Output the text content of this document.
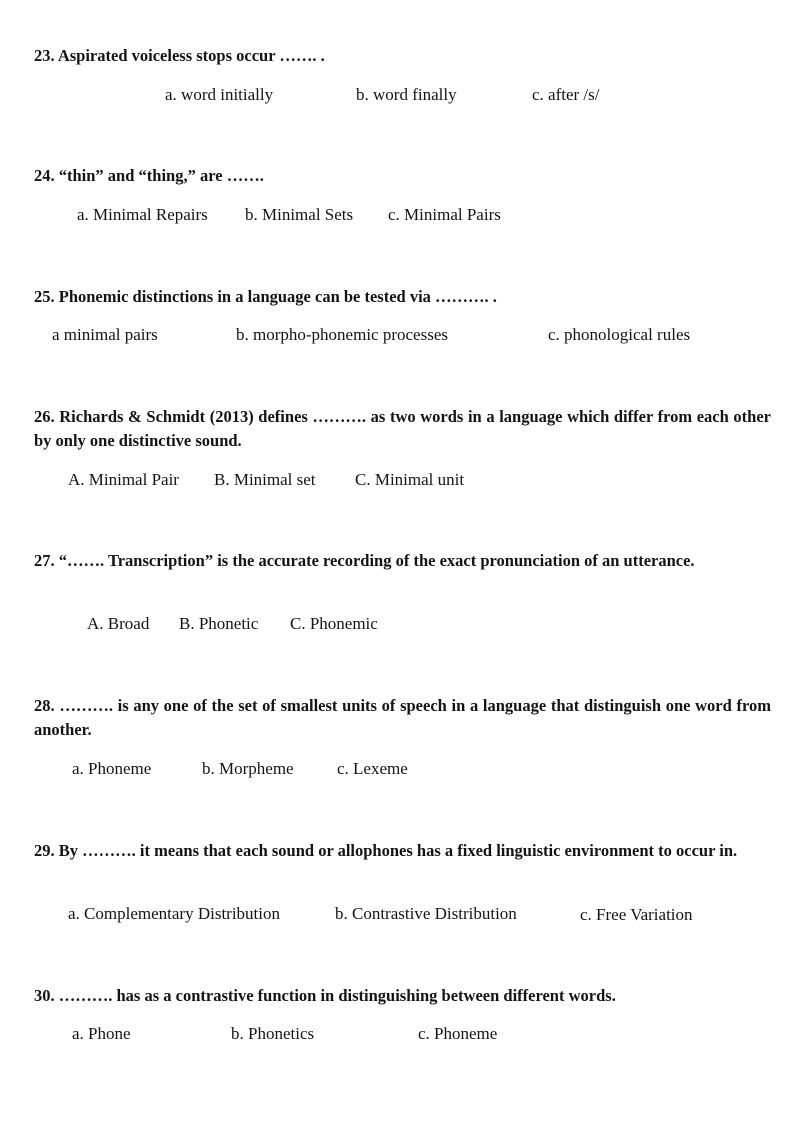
23. Aspirated voiceless stops occur ……. .
a. word initially	b. word finally	c. after /s/
24. “thin” and “thing,” are …….
a. Minimal Repairs b. Minimal Sets c. Minimal Pairs
25. Phonemic distinctions in a language can be tested via ………. .
a minimal pairs	b. morpho-phonemic processes	c. phonological rules
26. Richards & Schmidt (2013) defines ………. as two words in a language which differ from each other by only one distinctive sound.
A. Minimal Pair B. Minimal set C. Minimal unit
27. “……. Transcription” is the accurate recording of the exact pronunciation of an utterance.
A. Broad B. Phonetic C. Phonemic
28. ………. is any one of the set of smallest units of speech in a language that distinguish one word from another.
a. Phoneme	b. Morpheme	c. Lexeme
29. By ………. it means that each sound or allophones has a fixed linguistic environment to occur in.
a. Complementary Distribution	b. Contrastive Distribution	c. Free Variation
30. ………. has as a contrastive function in distinguishing between different words.
a. Phone	b. Phonetics	c. Phoneme
